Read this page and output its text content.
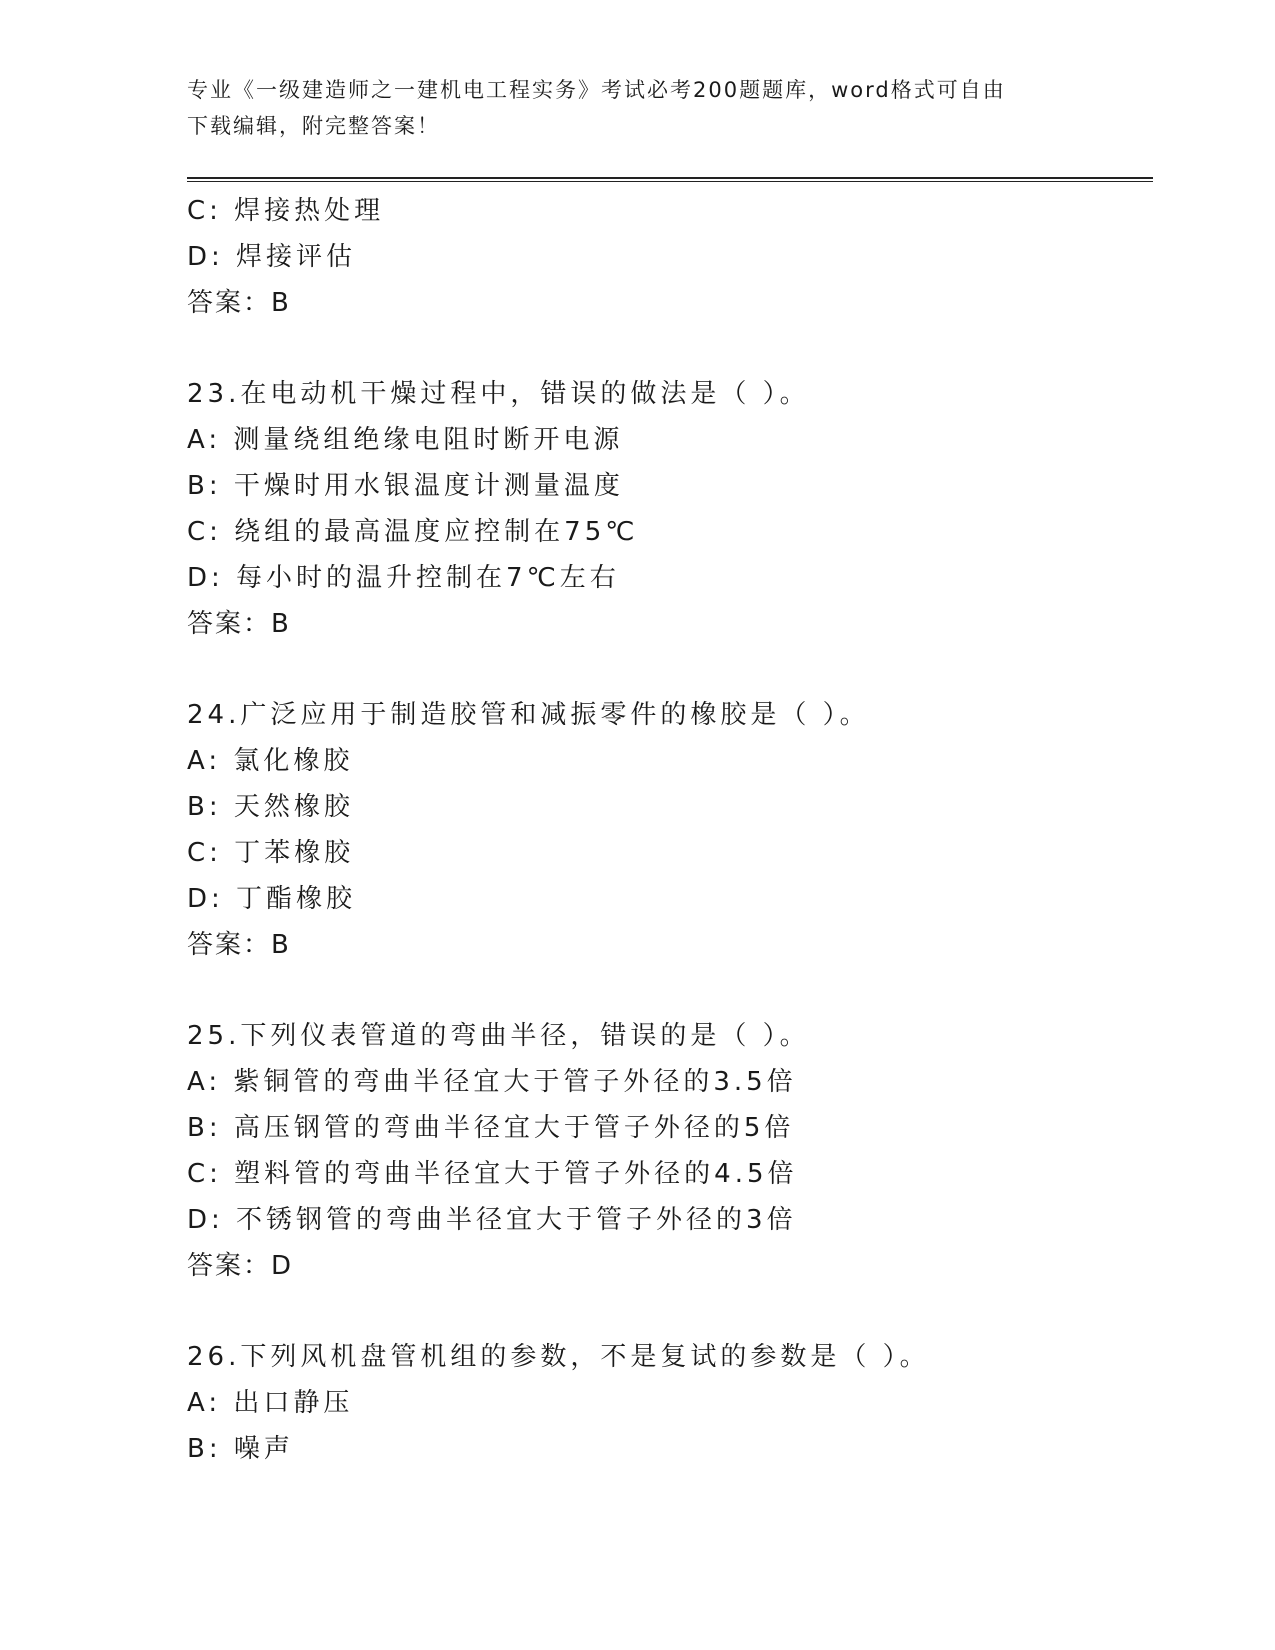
专业《一级建造师之一建机电工程实务》考试必考200题题库，word格式可自由
下载编辑，附完整答案！
C: 焊接热处理
D: 焊接评估
答案：B
23.在电动机干燥过程中，错误的做法是（ ）。
A: 测量绕组绝缘电阻时断开电源
B: 干燥时用水银温度计测量温度
C: 绕组的最高温度应控制在75℃
D: 每小时的温升控制在7℃左右
答案：B
24.广泛应用于制造胶管和减振零件的橡胶是（ ）。
A: 氯化橡胶
B: 天然橡胶
C: 丁苯橡胶
D: 丁酯橡胶
答案：B
25.下列仪表管道的弯曲半径，错误的是（ ）。
A: 紫铜管的弯曲半径宜大于管子外径的3.5倍
B: 高压钢管的弯曲半径宜大于管子外径的5倍
C: 塑料管的弯曲半径宜大于管子外径的4.5倍
D: 不锈钢管的弯曲半径宜大于管子外径的3倍
答案：D
26.下列风机盘管机组的参数，不是复试的参数是（ ）。
A: 出口静压
B: 噪声
